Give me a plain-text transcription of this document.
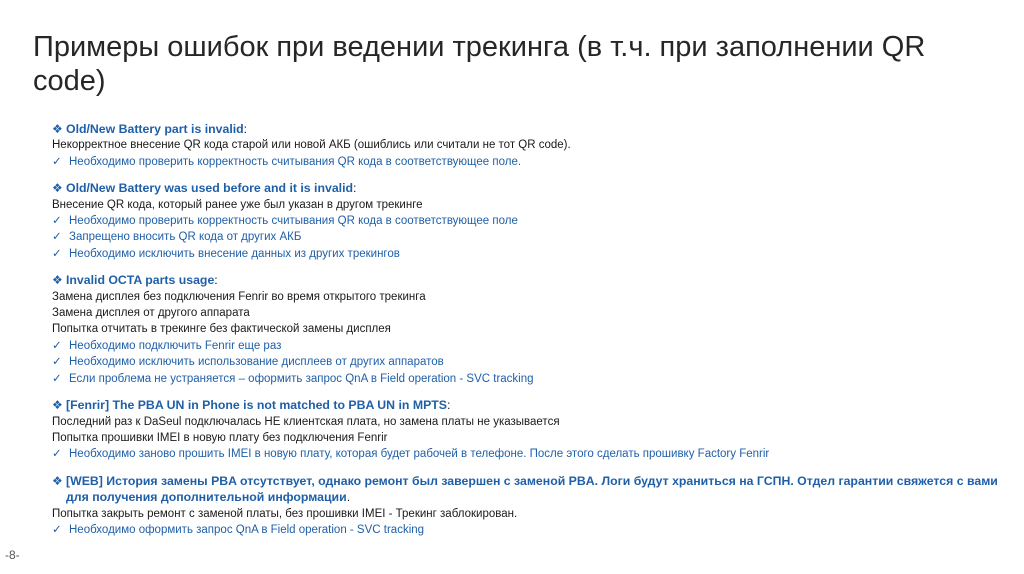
Примеры ошибок при ведении трекинга (в т.ч. при заполнении QR code)
❖ Old/New Battery part is invalid:
Некорректное внесение QR кода старой или новой АКБ (ошиблись или считали не тот QR code).
✓ Необходимо проверить корректность считывания QR кода в соответствующее поле.
❖ Old/New Battery was used before and it is invalid:
Внесение QR кода, который ранее уже был указан в другом трекинге
✓ Необходимо проверить корректность считывания QR кода в соответствующее поле
✓ Запрещено вносить QR кода от других АКБ
✓ Необходимо исключить внесение данных из других трекингов
❖ Invalid OCTA parts usage:
Замена дисплея без подключения Fenrir во время открытого трекинга
Замена дисплея от другого аппарата
Попытка отчитать в трекинге без фактической замены дисплея
✓ Необходимо подключить Fenrir еще раз
✓ Необходимо исключить использование дисплеев от других аппаратов
✓ Если проблема не устраняется – оформить запрос QnA в Field operation - SVC tracking
❖ [Fenrir] The PBA UN in Phone is not matched to PBA UN in MPTS:
Последний раз к DaSeul подключалась НЕ клиентская плата, но замена платы не указывается
Попытка прошивки IMEI в новую плату без подключения Fenrir
✓ Необходимо заново прошить IMEI в новую плату, которая будет рабочей в телефоне. После этого сделать прошивку Factory Fenrir
❖ [WEB] История замены PBA отсутствует, однако ремонт был завершен с заменой PBA. Логи будут храниться на ГСПН. Отдел гарантии свяжется с вами для получения дополнительной информации.
Попытка закрыть ремонт с заменой платы, без прошивки IMEI - Трекинг заблокирован.
✓ Необходимо оформить запрос QnA в Field operation - SVC tracking
-8-
